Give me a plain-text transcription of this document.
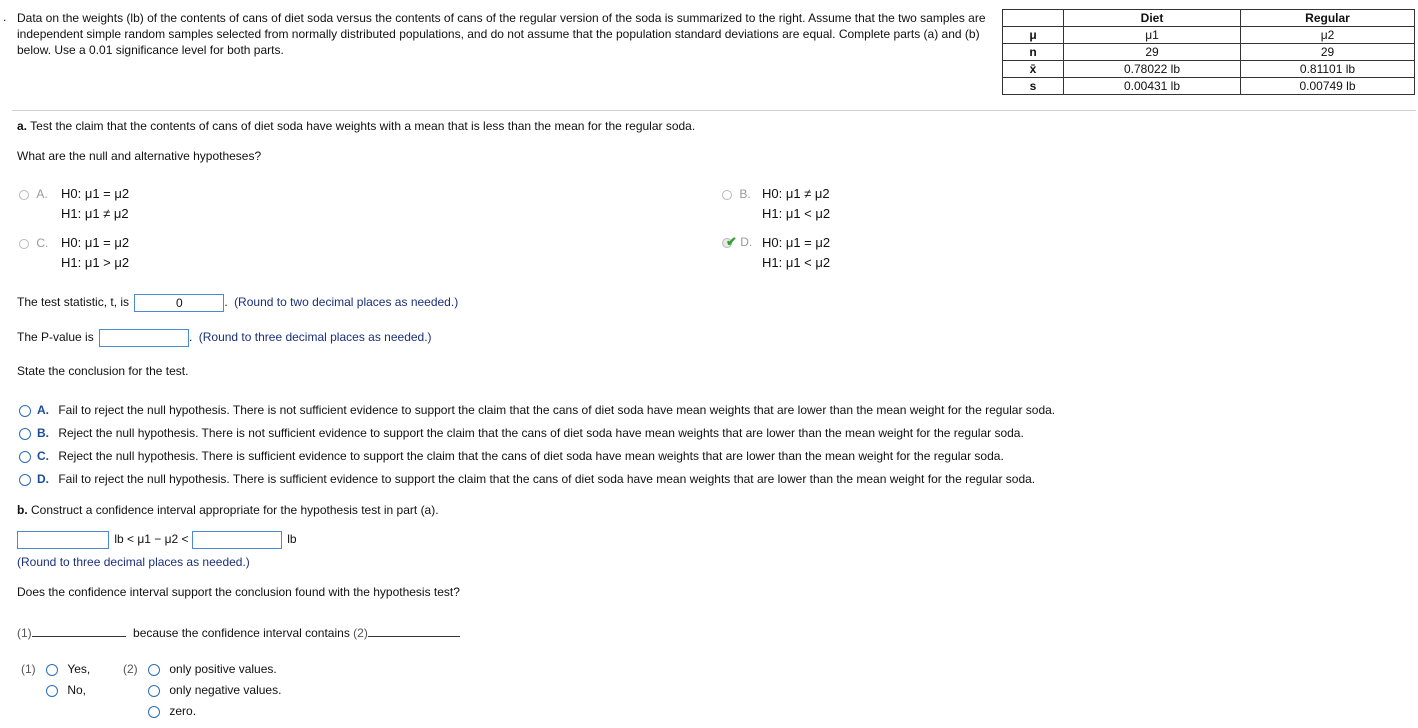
. Data on the weights (lb) of the contents of cans of diet soda versus the contents of cans of the regular version of the soda is summarized to the right. Assume that the two samples are independent simple random samples selected from normally distributed populations, and do not assume that the population standard deviations are equal. Complete parts (a) and (b) below. Use a 0.01 significance level for both parts.
	Diet	Regular
μ	μ1	μ2
n	29	29
x̄	0.78022 lb	0.81101 lb
s	0.00431 lb	0.00749 lb
a. Test the claim that the contents of cans of diet soda have weights with a mean that is less than the mean for the regular soda.
What are the null and alternative hypotheses?
A. H0: μ1 = μ2
H1: μ1 ≠ μ2
B. H0: μ1 ≠ μ2
H1: μ1 < μ2
C. H0: μ1 = μ2
H1: μ1 > μ2
✔ D. H0: μ1 = μ2
H1: μ1 < μ2
The test statistic, t, is	0	. (Round to two decimal places as needed.)
The P-value is	. (Round to three decimal places as needed.)
State the conclusion for the test.
A. Fail to reject the null hypothesis. There is not sufficient evidence to support the claim that the cans of diet soda have mean weights that are lower than the mean weight for the regular soda.
B. Reject the null hypothesis. There is not sufficient evidence to support the claim that the cans of diet soda have mean weights that are lower than the mean weight for the regular soda.
C. Reject the null hypothesis. There is sufficient evidence to support the claim that the cans of diet soda have mean weights that are lower than the mean weight for the regular soda.
D. Fail to reject the null hypothesis. There is sufficient evidence to support the claim that the cans of diet soda have mean weights that are lower than the mean weight for the regular soda.
b. Construct a confidence interval appropriate for the hypothesis test in part (a).
lb < μ1 − μ2 <	lb
(Round to three decimal places as needed.)
Does the confidence interval support the conclusion found with the hypothesis test?
(1)	because the confidence interval contains (2)
(1)	Yes,
No,
(2)	only positive values.
only negative values.
zero.
